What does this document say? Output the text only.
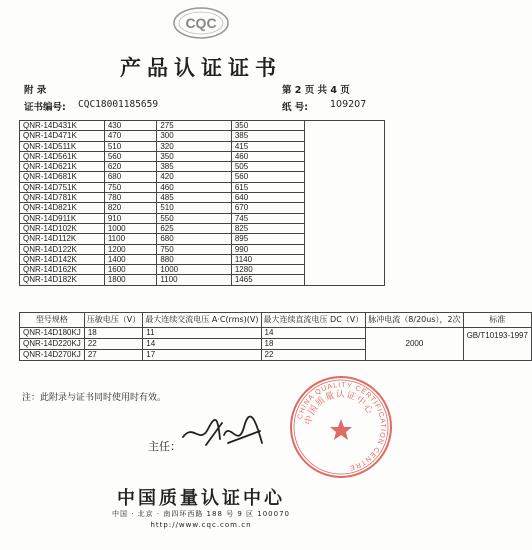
CQC
产品认证证书
附 录	第 2 页 共 4 页
证书编号: CQC18001185659	纸 号: 109207
QNR-14D431K	430	275	350	
QNR-14D471K	470	300	385	
QNR-14D511K	510	320	415	
QNR-14D561K	560	350	460	
QNR-14D621K	620	385	505	
QNR-14D681K	680	420	560	
QNR-14D751K	750	460	615	
QNR-14D781K	780	485	640	
QNR-14D821K	820	510	670	
QNR-14D911K	910	550	745	
QNR-14D102K	1000	625	825	
QNR-14D112K	1100	680	895	
QNR-14D122K	1200	750	990	
QNR-14D142K	1400	880	1140	
QNR-14D162K	1600	1000	1280	
QNR-14D182K	1800	1100	1465	
型号规格	压敏电压（V）	最大连续交流电压 A·C(rms)(V)	最大连续直流电压 DC（V）	脉冲电流（8/20us），2次	标准
QNR-14D180KJ	18	11	14	2000	GB/T10193-1997
QNR-14D220KJ	22	14	18		
QNR-14D270KJ	27	17	22		
注：此附录与证书同时使用时有效。
CHINA QUALITY CERTIFICATION CENTRE
中国质量认证中心
主任：
中国质量认证中心
中国 · 北京 · 南四环西路 188 号 9 区 100070
http://www.cqc.com.cn
